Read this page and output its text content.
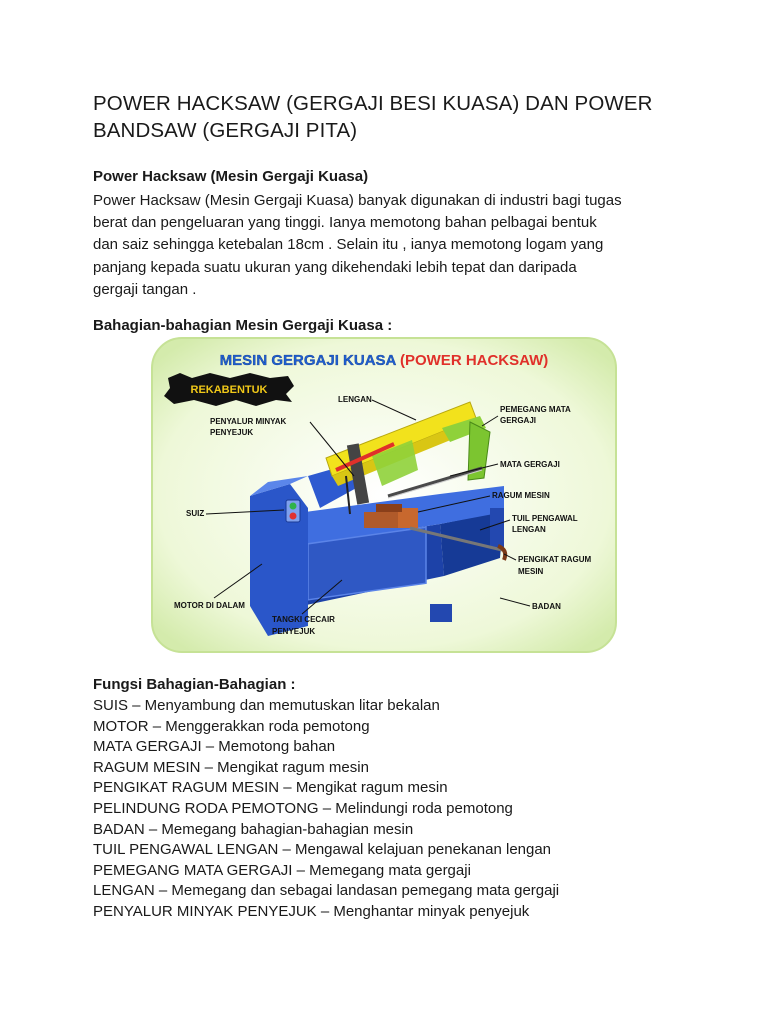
POWER HACKSAW (GERGAJI BESI KUASA) DAN POWER
BANDSAW (GERGAJI PITA)
Power Hacksaw (Mesin Gergaji Kuasa)

Power Hacksaw (Mesin Gergaji Kuasa) banyak digunakan di industri bagi tugas
berat dan pengeluaran yang tinggi. Ianya memotong bahan pelbagai bentuk
dan saiz sehingga ketebalan 18cm . Selain itu , ianya memotong logam yang
panjang kepada suatu ukuran yang dikehendaki lebih tepat dan daripada
gergaji tangan .

Bahagian-bahagian Mesin Gergaji Kuasa :
MESIN GERGAJI KUASA (POWER HACKSAW)
REKABENTUK
LENGAN
PENYALUR MINYAK
PENYEJUK
PEMEGANG MATA
GERGAJI
MATA GERGAJI
RAGUM MESIN
SUIZ
TUIL PENGAWAL
LENGAN
PENGIKAT RAGUM
MESIN
BADAN
MOTOR DI DALAM
TANGKI CECAIR
PENYEJUK
Fungsi Bahagian-Bahagian :
SUIS – Menyambung dan memutuskan litar bekalan
MOTOR – Menggerakkan roda pemotong
MATA GERGAJI – Memotong bahan
RAGUM MESIN – Mengikat ragum mesin
PENGIKAT RAGUM MESIN – Mengikat ragum mesin
PELINDUNG RODA PEMOTONG – Melindungi roda pemotong
BADAN – Memegang bahagian-bahagian mesin
TUIL PENGAWAL LENGAN – Mengawal kelajuan penekanan lengan
PEMEGANG MATA GERGAJI – Memegang mata gergaji
LENGAN – Memegang dan sebagai landasan pemegang mata gergaji
PENYALUR MINYAK PENYEJUK – Menghantar minyak penyejuk
